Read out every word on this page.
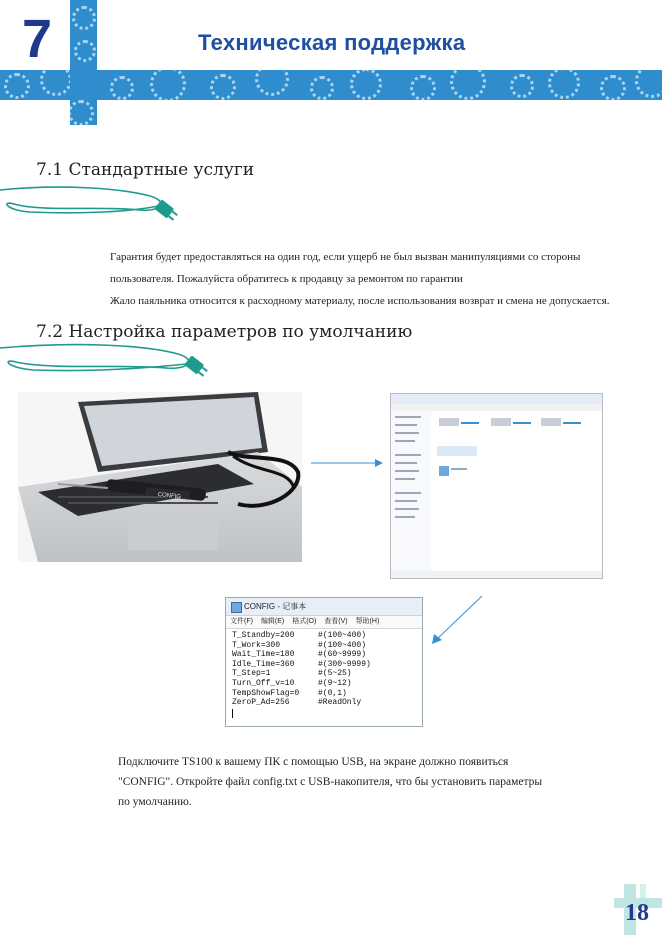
7	Техническая поддержка
7.1 Стандартные услуги
Гарантия будет предоставляться на один год, если ущерб не был вызван манипуляциями со стороны
пользователя. Пожалуйста обратитесь к продавцу за ремонтом по гарантии
Жало паяльника относится к расходному материалу, после использования возврат и смена не допускается.
7.2 Настройка параметров по умолчанию
CONFIG
CONFIG - 记事本
文件(F) 编辑(E) 格式(O) 查看(V) 帮助(H)
T_Standby=200	#(100~400)
T_Work=300	#(100~400)
Wait_Time=180	#(60~9999)
Idle_Time=360	#(300~9999)
T_Step=1	#(5~25)
Turn_Off_v=10	#(9~12)
TempShowFlag=0	#(0,1)
ZeroP_Ad=256	#ReadOnly
Подключите TS100 к вашему ПК с помощью USB, на экране должно появиться
"CONFIG". Откройте файл config.txt с USB-накопителя, что бы установить параметры
по умолчанию.
18
